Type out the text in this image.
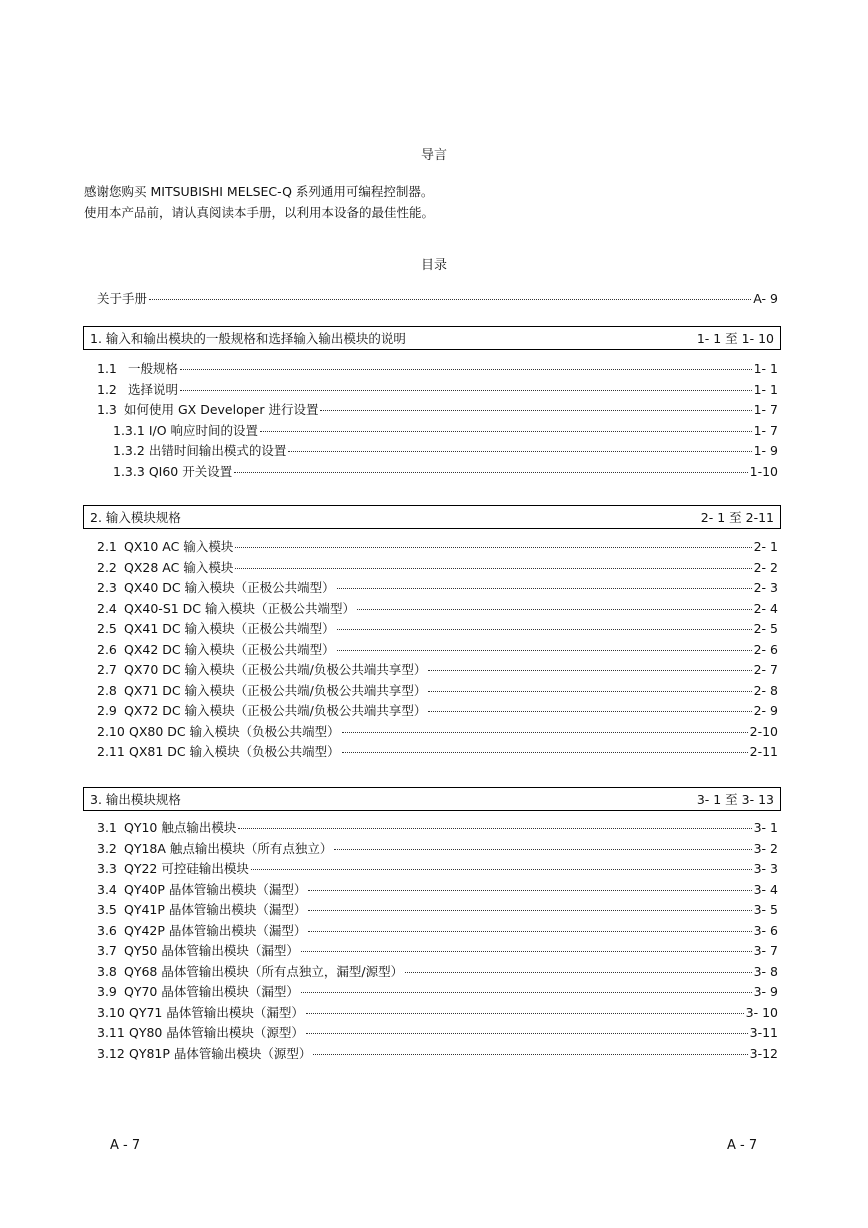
导言
感谢您购买 MITSUBISHI MELSEC-Q 系列通用可编程控制器。
使用本产品前，请认真阅读本手册，以利用本设备的最佳性能。
目录
关于手册	A- 9
1. 输入和输出模块的一般规格和选择输入输出模块的说明	1- 1 至 1- 10
1.1 一般规格	1- 1
1.2 选择说明	1- 1
1.3 如何使用 GX Developer 进行设置	1- 7
1.3.1 I/O 响应时间的设置	1- 7
1.3.2 出错时间输出模式的设置	1- 9
1.3.3 QI60 开关设置	1-10
2. 输入模块规格	2- 1 至 2-11
2.1 QX10 AC 输入模块	2- 1
2.2 QX28 AC 输入模块	2- 2
2.3 QX40 DC 输入模块（正极公共端型）	2- 3
2.4 QX40-S1 DC 输入模块（正极公共端型）	2- 4
2.5 QX41 DC 输入模块（正极公共端型）	2- 5
2.6 QX42 DC 输入模块（正极公共端型）	2- 6
2.7 QX70 DC 输入模块（正极公共端/负极公共端共享型）	2- 7
2.8 QX71 DC 输入模块（正极公共端/负极公共端共享型）	2- 8
2.9 QX72 DC 输入模块（正极公共端/负极公共端共享型）	2- 9
2.10 QX80 DC 输入模块（负极公共端型）	2-10
2.11 QX81 DC 输入模块（负极公共端型）	2-11
3. 输出模块规格	3- 1 至 3- 13
3.1 QY10 触点输出模块	3- 1
3.2 QY18A 触点输出模块（所有点独立）	3- 2
3.3 QY22 可控硅输出模块	3- 3
3.4 QY40P 晶体管输出模块（漏型）	3- 4
3.5 QY41P 晶体管输出模块（漏型）	3- 5
3.6 QY42P 晶体管输出模块（漏型）	3- 6
3.7 QY50 晶体管输出模块（漏型）	3- 7
3.8 QY68 晶体管输出模块（所有点独立，漏型/源型）	3- 8
3.9 QY70 晶体管输出模块（漏型）	3- 9
3.10 QY71 晶体管输出模块（漏型）	3- 10
3.11 QY80 晶体管输出模块（源型）	3-11
3.12 QY81P 晶体管输出模块（源型）	3-12
A - 7	A - 7
